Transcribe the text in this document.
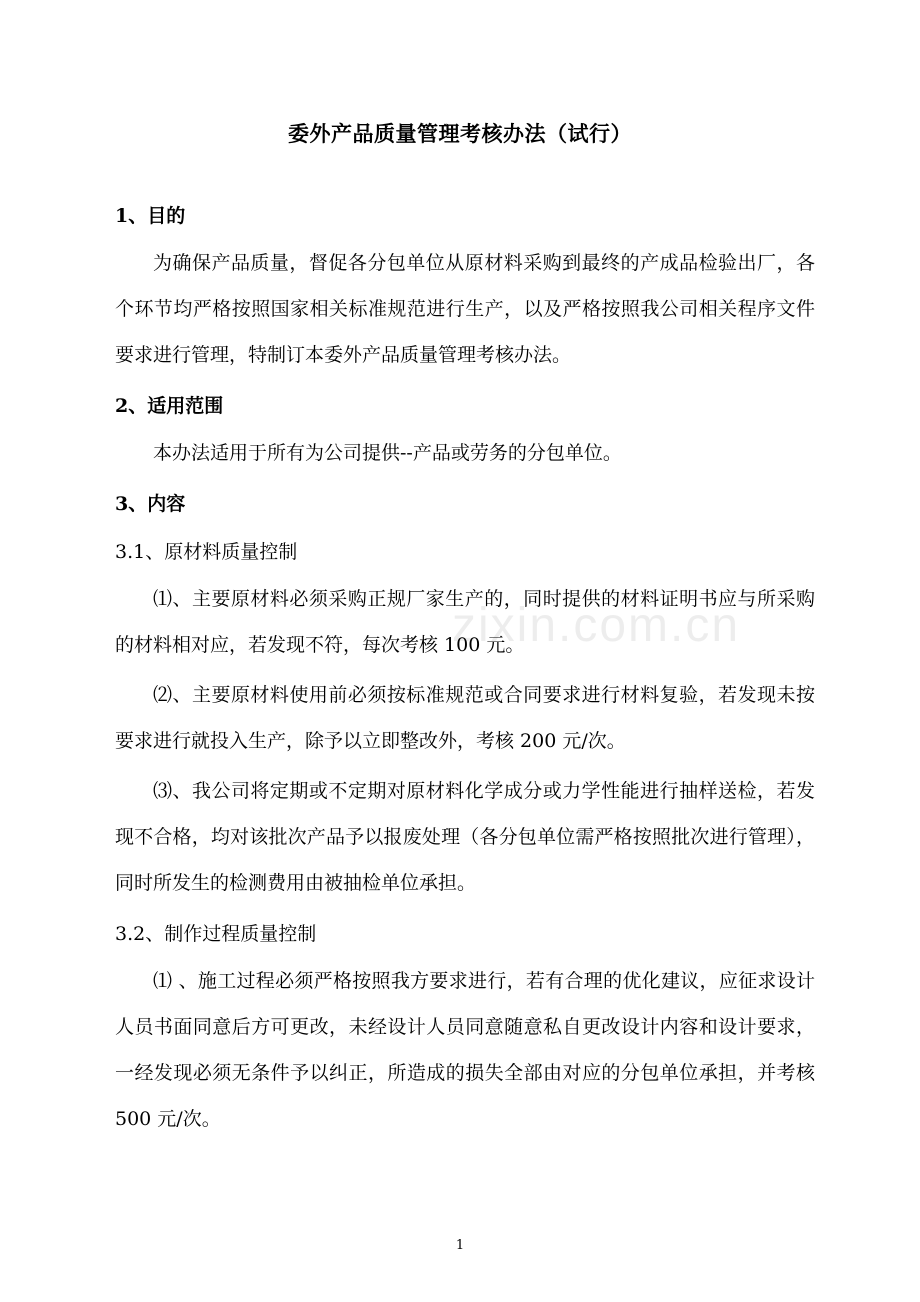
委外产品质量管理考核办法（试行）

1、目的

为确保产品质量，督促各分包单位从原材料采购到最终的产成品检验出厂，各个环节均严格按照国家相关标准规范进行生产，以及严格按照我公司相关程序文件要求进行管理，特制订本委外产品质量管理考核办法。

2、适用范围

本办法适用于所有为公司提供--产品或劳务的分包单位。

3、内容

3.1、原材料质量控制

⑴、主要原材料必须采购正规厂家生产的，同时提供的材料证明书应与所采购的材料相对应，若发现不符，每次考核 100 元。

⑵、主要原材料使用前必须按标准规范或合同要求进行材料复验，若发现未按要求进行就投入生产，除予以立即整改外，考核 200 元/次。

⑶、我公司将定期或不定期对原材料化学成分或力学性能进行抽样送检，若发现不合格，均对该批次产品予以报废处理（各分包单位需严格按照批次进行管理），同时所发生的检测费用由被抽检单位承担。

3.2、制作过程质量控制

⑴ 、施工过程必须严格按照我方要求进行，若有合理的优化建议，应征求设计人员书面同意后方可更改，未经设计人员同意随意私自更改设计内容和设计要求，一经发现必须无条件予以纠正，所造成的损失全部由对应的分包单位承担，并考核 500 元/次。

zixin.com.cn
1
